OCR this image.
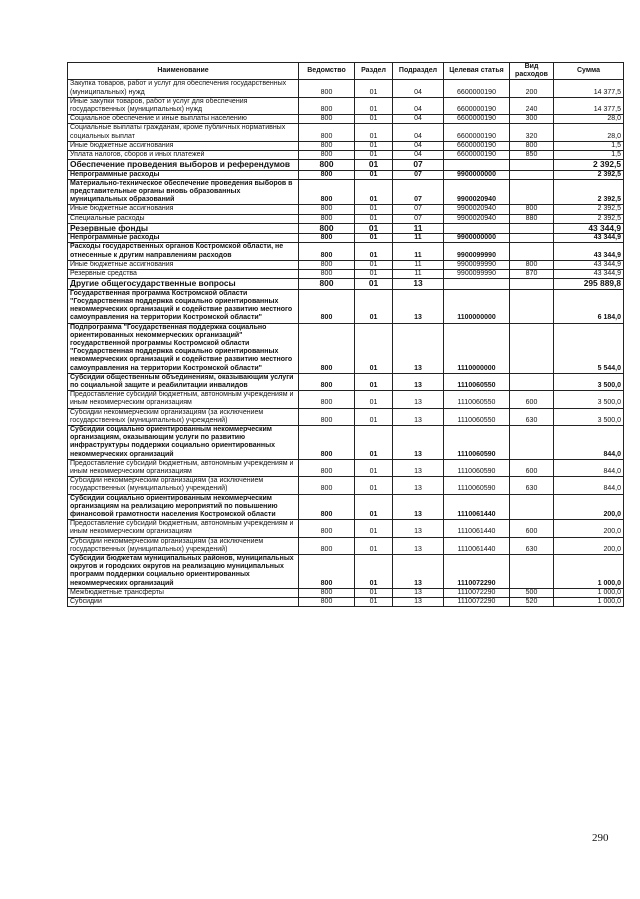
Наименование	Ведомство	Раздел	Подраздел	Целевая статья	Вид расходов	Сумма
Закупка товаров, работ и услуг для обеспечения государственных (муниципальных) нужд	800	01	04	6600000190	200	14 377,5
Иные закупки товаров, работ и услуг для обеспечения государственных (муниципальных) нужд	800	01	04	6600000190	240	14 377,5
Социальное обеспечение и иные выплаты населению	800	01	04	6600000190	300	28,0
Социальные выплаты гражданам, кроме публичных нормативных социальных выплат	800	01	04	6600000190	320	28,0
Иные бюджетные ассигнования	800	01	04	6600000190	800	1,5
Уплата налогов, сборов и иных платежей	800	01	04	6600000190	850	1,5
Обеспечение проведения выборов и референдумов	800	01	07			2 392,5
Непрограммные расходы	800	01	07	9900000000		2 392,5
Материально-техническое обеспечение проведения выборов в представительные органы вновь образованных муниципальных образований	800	01	07	9900020940		2 392,5
Иные бюджетные ассигнования	800	01	07	9900020940	800	2 392,5
Специальные расходы	800	01	07	9900020940	880	2 392,5
Резервные фонды	800	01	11			43 344,9
Непрограммные расходы	800	01	11	9900000000		43 344,9
Расходы государственных органов Костромской области, не отнесенные к другим направлениям расходов	800	01	11	9900099990		43 344,9
Иные бюджетные ассигнования	800	01	11	9900099990	800	43 344,9
Резервные средства	800	01	11	9900099990	870	43 344,9
Другие общегосударственные вопросы	800	01	13			295 889,8
Государственная программа Костромской области "Государственная поддержка социально ориентированных некоммерческих организаций и содействие развитию местного самоуправления на территории Костромской области"	800	01	13	1100000000		6 184,0
Подпрограмма "Государственная поддержка социально ориентированных некоммерческих организаций" государственной программы Костромской области "Государственная поддержка социально ориентированных некоммерческих организаций и содействие развитию местного самоуправления на территории Костромской области"	800	01	13	1110000000		5 544,0
Субсидии общественным объединениям, оказывающим услуги по социальной защите и реабилитации инвалидов	800	01	13	1110060550		3 500,0
Предоставление субсидий бюджетным, автономным учреждениям и иным некоммерческим организациям	800	01	13	1110060550	600	3 500,0
Субсидии некоммерческим организациям (за исключением государственных (муниципальных) учреждений)	800	01	13	1110060550	630	3 500,0
Субсидии социально ориентированным некоммерческим организациям, оказывающим услуги по развитию инфраструктуры поддержки социально ориентированных некоммерческих организаций	800	01	13	1110060590		844,0
Предоставление субсидий бюджетным, автономным учреждениям и иным некоммерческим организациям	800	01	13	1110060590	600	844,0
Субсидии некоммерческим организациям (за исключением государственных (муниципальных) учреждений)	800	01	13	1110060590	630	844,0
Субсидии социально ориентированным некоммерческим организациям на реализацию мероприятий по повышению финансовой грамотности населения Костромской области	800	01	13	1110061440		200,0
Предоставление субсидий бюджетным, автономным учреждениям и иным некоммерческим организациям	800	01	13	1110061440	600	200,0
Субсидии некоммерческим организациям (за исключением государственных (муниципальных) учреждений)	800	01	13	1110061440	630	200,0
Субсидии бюджетам муниципальных районов, муниципальных округов и городских округов на реализацию муниципальных программ поддержки социально ориентированных некоммерческих организаций	800	01	13	1110072290		1 000,0
Межбюджетные трансферты	800	01	13	1110072290	500	1 000,0
Субсидии	800	01	13	1110072290	520	1 000,0
290
